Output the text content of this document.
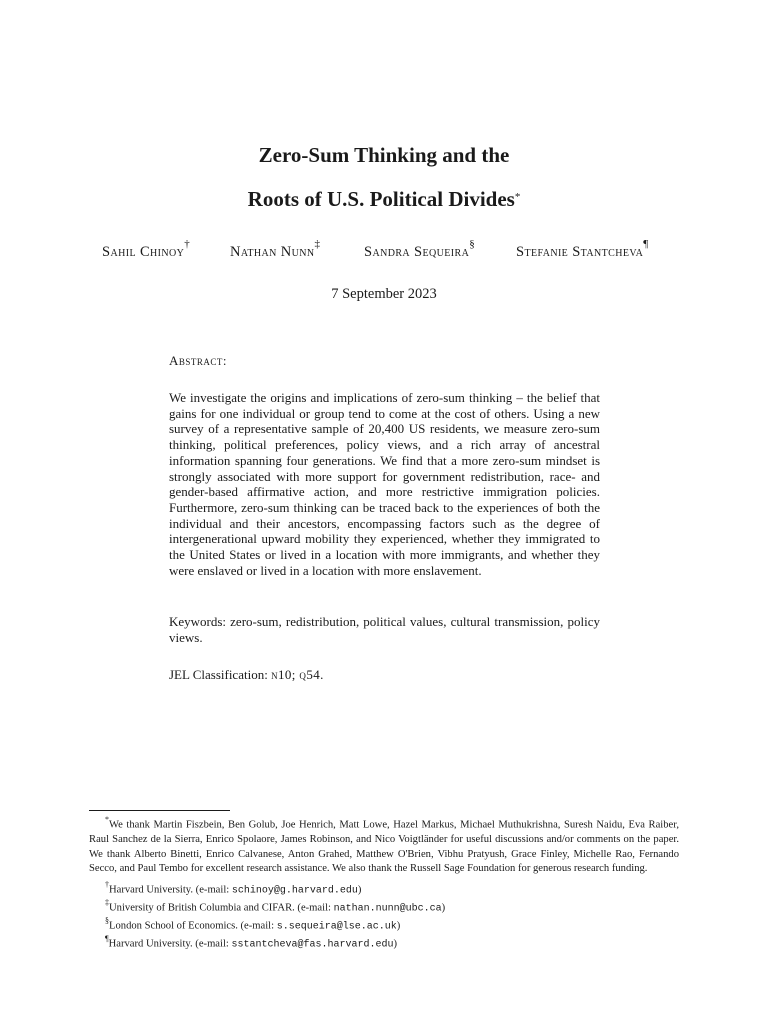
Zero-Sum Thinking and the
Roots of U.S. Political Divides*
Sahil Chinoy†	Nathan Nunn‡	Sandra Sequeira§	Stefanie Stantcheva¶
7 September 2023
Abstract:
We investigate the origins and implications of zero-sum thinking – the belief that gains for one individual or group tend to come at the cost of others. Using a new survey of a representative sample of 20,400 US residents, we measure zero-sum thinking, political preferences, policy views, and a rich array of ancestral information spanning four generations. We find that a more zero-sum mindset is strongly associated with more support for government redistribution, race- and gender-based affirmative action, and more restrictive immigration policies. Furthermore, zero-sum thinking can be traced back to the experiences of both the individual and their ancestors, encompassing factors such as the degree of intergenerational upward mobility they experienced, whether they immigrated to the United States or lived in a location with more immigrants, and whether they were enslaved or lived in a location with more enslavement.
Keywords: zero-sum, redistribution, political values, cultural transmission, policy views.
JEL Classification: n10; q54.

*We thank Martin Fiszbein, Ben Golub, Joe Henrich, Matt Lowe, Hazel Markus, Michael Muthukrishna, Suresh Naidu, Eva Raiber, Raul Sanchez de la Sierra, Enrico Spolaore, James Robinson, and Nico Voigtländer for useful discussions and/or comments on the paper. We thank Alberto Binetti, Enrico Calvanese, Anton Grahed, Matthew O'Brien, Vibhu Pratyush, Grace Finley, Michelle Rao, Fernando Secco, and Paul Tembo for excellent research assistance. We also thank the Russell Sage Foundation for generous research funding.

†Harvard University. (e-mail: schinoy@g.harvard.edu)

‡University of British Columbia and CIFAR. (e-mail: nathan.nunn@ubc.ca)

§London School of Economics. (e-mail: s.sequeira@lse.ac.uk)

¶Harvard University. (e-mail: sstantcheva@fas.harvard.edu)
